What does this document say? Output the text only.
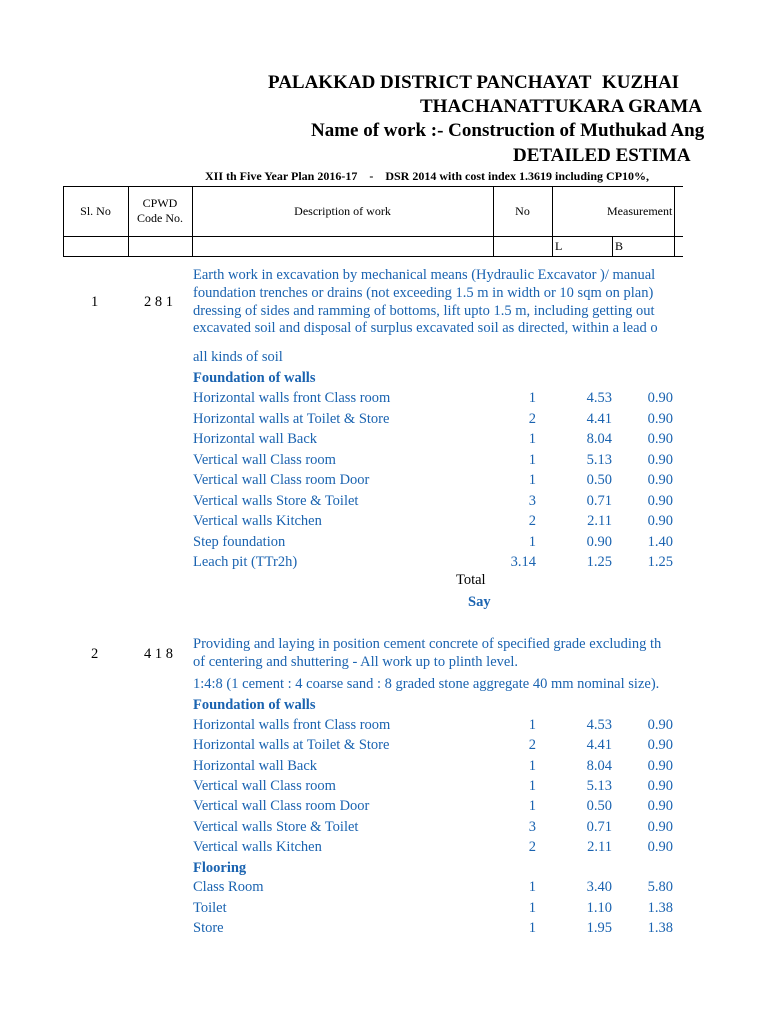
PALAKKAD DISTRICT PANCHAYAT KUZHAI
THACHANATTUKARA GRAMA
Name of work :- Construction of Muthukad Ang
DETAILED ESTIMA
XII th Five Year Plan 2016-17 - DSR 2014 with cost index 1.3619 including CP10%,
Sl. No
CPWD
Code No.
Description of work	No	Measurement
L	B
1	2 8 1
Earth work in excavation by mechanical means (Hydraulic Excavator )/ manual
foundation trenches or drains (not exceeding 1.5 m in width or 10 sqm on plan)
dressing of sides and ramming of bottoms, lift upto 1.5 m, including getting out
excavated soil and disposal of surplus excavated soil as directed, within a lead o
all kinds of soil
Foundation of walls
Horizontal walls front Class room	1	4.53	0.90
Horizontal walls at Toilet & Store	2	4.41	0.90
Horizontal wall Back	1	8.04	0.90
Vertical wall Class room	1	5.13	0.90
Vertical wall Class room Door	1	0.50	0.90
Vertical walls Store & Toilet	3	0.71	0.90
Vertical walls Kitchen	2	2.11	0.90
Step foundation	1	0.90	1.40
Leach pit (TTr2h)	3.14	1.25	1.25
Total
Say
2	4 1 8
Providing and laying in position cement concrete of specified grade excluding th
of centering and shuttering - All work up to plinth level.
1:4:8 (1 cement : 4 coarse sand : 8 graded stone aggregate 40 mm nominal size).
Foundation of walls
Horizontal walls front Class room	1	4.53	0.90
Horizontal walls at Toilet & Store	2	4.41	0.90
Horizontal wall Back	1	8.04	0.90
Vertical wall Class room	1	5.13	0.90
Vertical wall Class room Door	1	0.50	0.90
Vertical walls Store & Toilet	3	0.71	0.90
Vertical walls Kitchen	2	2.11	0.90
Flooring
Class Room	1	3.40	5.80
Toilet	1	1.10	1.38
Store	1	1.95	1.38
